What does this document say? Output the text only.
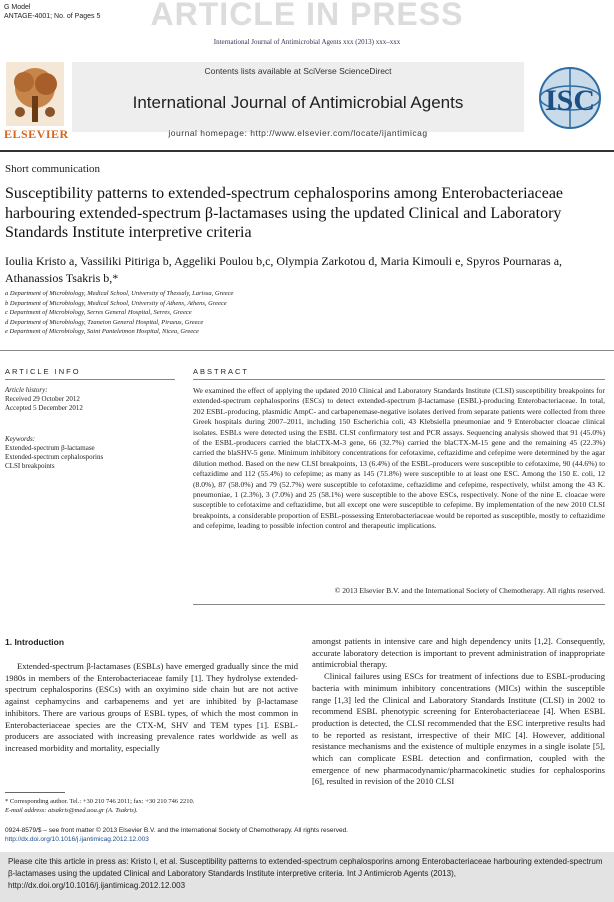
ARTICLE IN PRESS
G Model
ANTAGE-4001; No. of Pages 5
International Journal of Antimicrobial Agents xxx (2013) xxx–xxx
ELSEVIER
Contents lists available at SciVerse ScienceDirect
International Journal of Antimicrobial Agents
journal homepage: http://www.elsevier.com/locate/ijantimicag
ISC
Short communication
Susceptibility patterns to extended-spectrum cephalosporins among Enterobacteriaceae harbouring extended-spectrum β-lactamases using the updated Clinical and Laboratory Standards Institute interpretive criteria
Ioulia Kristo a, Vassiliki Pitiriga b, Aggeliki Poulou b,c, Olympia Zarkotou d, Maria Kimouli e, Spyros Pournaras a, Athanassios Tsakris b,*
a Department of Microbiology, Medical School, University of Thessaly, Larissa, Greece
b Department of Microbiology, Medical School, University of Athens, Athens, Greece
c Department of Microbiology, Serres General Hospital, Serres, Greece
d Department of Microbiology, Tzaneion General Hospital, Piraeus, Greece
e Department of Microbiology, Saint Panteleimon Hospital, Nicea, Greece
ARTICLE INFO	ABSTRACT
Article history:
Received 29 October 2012
Accepted 5 December 2012
Keywords:
Extended-spectrum β-lactamase
Extended-spectrum cephalosporins
CLSI breakpoints
We examined the effect of applying the updated 2010 Clinical and Laboratory Standards Institute (CLSI) susceptibility breakpoints for extended-spectrum cephalosporins (ESCs) to detect extended-spectrum β-lactamase (ESBL)-producing Enterobacteriaceae. In total, 202 ESBL-producing, plasmidic AmpC- and carbapenemase-negative isolates derived from separate patients were collected from three Greek hospitals during 2007–2011, including 150 Escherichia coli, 43 Klebsiella pneumoniae and 9 Enterobacter cloacae clinical isolates. ESBLs were detected using the ESBL CLSI confirmatory test and PCR assays. Sequencing analysis showed that 91 (45.0%) of the ESBL-producers carried the blaCTX-M-3 gene, 66 (32.7%) carried the blaCTX-M-15 gene and the remaining 45 (22.3%) carried the blaSHV-5 gene. Minimum inhibitory concentrations for cefotaxime, ceftazidime and cefepime were determined by the agar dilution method. Based on the new CLSI breakpoints, 13 (6.4%) of the ESBL-producers were susceptible to cefotaxime, 90 (44.6%) to ceftazidime and 112 (55.4%) to cefepime; as many as 145 (71.8%) were susceptible to at least one ESC. Among the 150 E. coli, 12 (8.0%), 87 (58.0%) and 79 (52.7%) were susceptible to cefotaxime, ceftazidime and cefepime, respectively, whilst among the 43 K. pneumoniae, 1 (2.3%), 3 (7.0%) and 25 (58.1%) were susceptible to the above ESCs, respectively. None of the nine E. cloacae were susceptible to cefotaxime and ceftazidime, but all except one were susceptible to cefepime. By implementation of the new 2010 CLSI breakpoints, a considerable proportion of ESBL-possessing Enterobacteriaceae would be reported as susceptible, mostly to ceftazidime and cefepime, leading to possible infection control and therapeutic implications.
© 2013 Elsevier B.V. and the International Society of Chemotherapy. All rights reserved.
1. Introduction

Extended-spectrum β-lactamases (ESBLs) have emerged gradually since the mid 1980s in members of the Enterobacteriaceae family [1]. They hydrolyse extended-spectrum cephalosporins (ESCs) with an oxyimino side chain but are not active against cephamycins and carbapenems and yet are inhibited by β-lactamase inhibitors. There are various groups of ESBL types, of which the most common in Enterobacteriaceae species are the CTX-M, SHV and TEM types [1]. ESBL-producers are associated with increasing prevalence rates worldwide as well as increased morbidity and mortality, especially

amongst patients in intensive care and high dependency units [1,2]. Consequently, accurate laboratory detection is important to prevent administration of inappropriate antimicrobial therapy.

Clinical failures using ESCs for treatment of infections due to ESBL-producing bacteria with minimum inhibitory concentrations (MICs) within the susceptible range [1,3] led the Clinical and Laboratory Standards Institute (CLSI) in 2002 to recommend ESBL phenotypic screening for Enterobacteriaceae [4]. When ESBL production is detected, the CLSI recommended that the ESC interpretive results had to be reported as resistant, irrespective of their MIC [4]. However, additional resistance mechanisms and the existence of multiple enzymes in a single isolate [5], which can complicate ESBL detection and confirmation, coupled with the emergence of new pharmacodynamic/pharmacokinetic studies for cephalosporins [6], resulted in revision of the 2010 CLSI

* Corresponding author. Tel.: +30 210 746 2011; fax: +30 210 746 2210.
E-mail address: atsakris@med.uoa.gr (A. Tsakris).
0924-8579/$ – see front matter © 2013 Elsevier B.V. and the International Society of Chemotherapy. All rights reserved.
http://dx.doi.org/10.1016/j.ijantimicag.2012.12.003
Please cite this article in press as: Kristo I, et al. Susceptibility patterns to extended-spectrum cephalosporins among Enterobacteriaceae harbouring extended-spectrum β-lactamases using the updated Clinical and Laboratory Standards Institute interpretive criteria. Int J Antimicrob Agents (2013), http://dx.doi.org/10.1016/j.ijantimicag.2012.12.003
